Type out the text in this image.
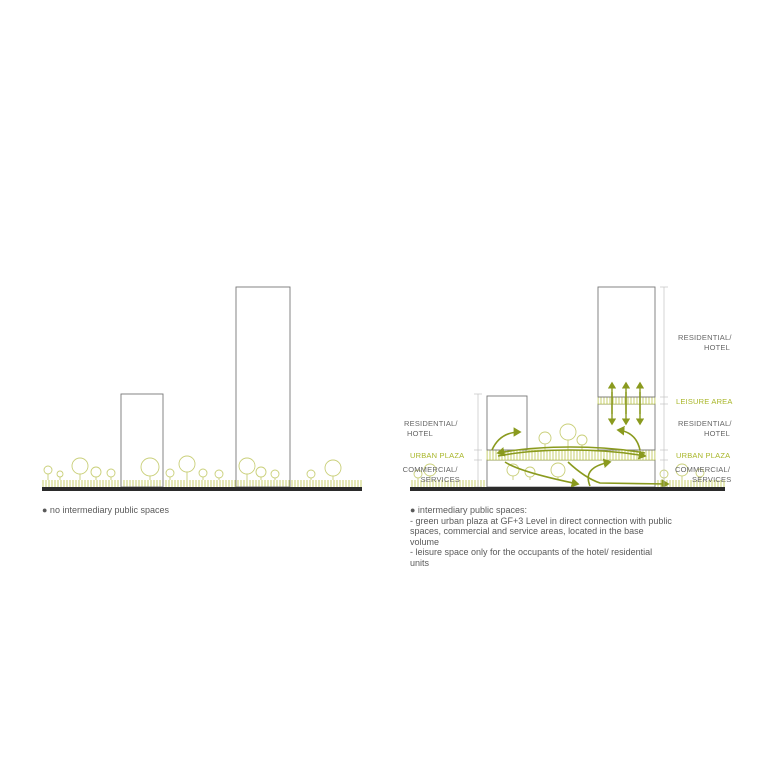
RESIDENTIAL/ HOTEL
URBAN PLAZA
COMMERCIAL/ SERVICES
RESIDENTIAL/ HOTEL
LEISURE AREA
RESIDENTIAL/ HOTEL
URBAN PLAZA
COMMERCIAL/ SERVICES

● no intermediary public spaces	● intermediary public spaces:

- green urban plaza at GF+3 Level in direct connection with public spaces, commercial and service areas, located in the base volume

- leisure space only for the occupants of the hotel/ residential units
